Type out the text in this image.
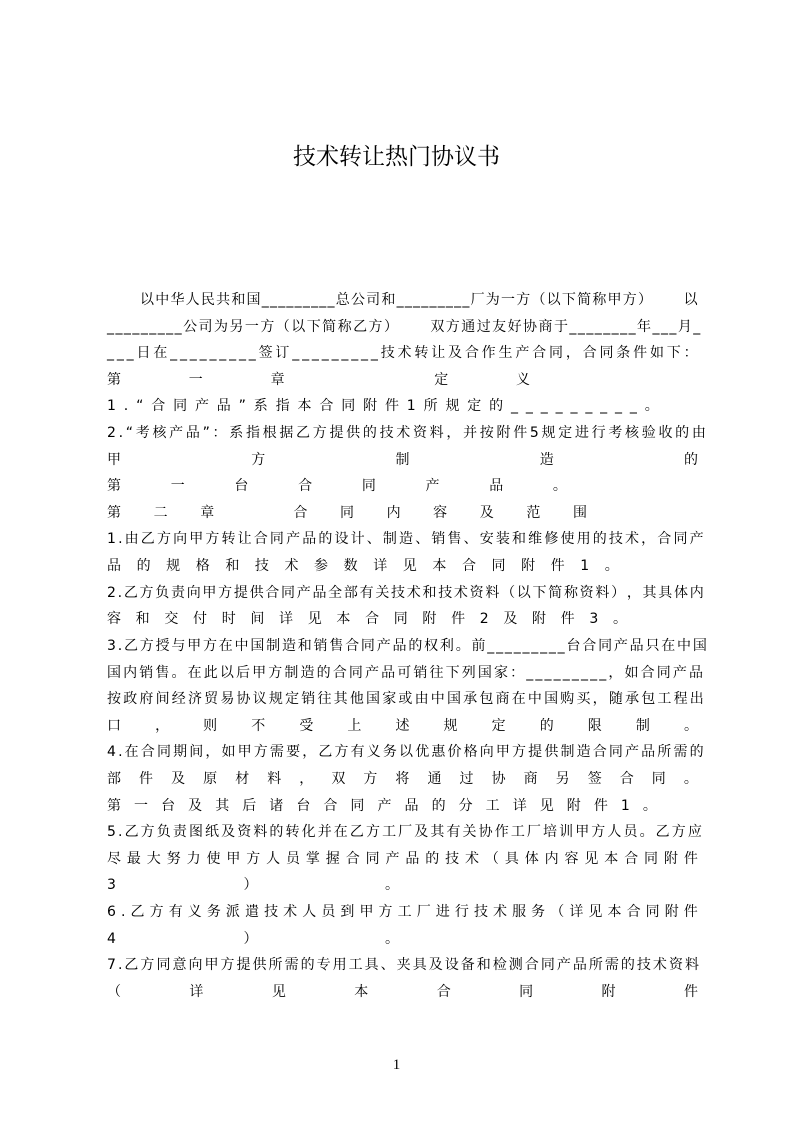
技术转让热门协议书
以 中 华 人 民 共 和 国 _ _ _ _ _ _ _ _ _ 总 公 司 和 _ _ _ _ _ _ _ _ _ 厂 为 一 方 （ 以 下 简 称 甲 方 ）

　 以
_ _ _ _ _ _ _ _ _ 公 司 为 另 一 方 （ 以 下 简 称 乙 方 ）

　 双 方 通 过 友 好 协 商 于 _ _ _ _ _ _ _ _ 年 _ _ _ 月 _
_ _ _ 日 在 _ _ _ _ _ _ _ _ _ 签 订 _ _ _ _ _ _ _ _ _ 技 术 转 让 及 合 作 生 产 合 同 ， 合 同 条 件 如 下 ：
第	一	章
　	定	义
1 . “ 合 同 产 品 ” 系 指 本 合 同 附 件 1 所 规 定 的 _ _ _ _ _ _ _ _ _ 。
2 . “ 考 核 产 品 ” ： 系 指 根 据 乙 方 提 供 的 技 术 资 料 ， 并 按 附 件 5 规 定 进 行 考 核 验 收 的 由
甲	方	制	造	的
第	一	台	合	同	产	品	。
第 二 章
　	合 同 内 容 及 范 围
1 . 由 乙 方 向 甲 方 转 让 合 同 产 品 的 设 计 、 制 造 、 销 售 、 安 装 和 维 修 使 用 的 技 术 ， 合 同 产
品 的 规 格 和 技 术 参 数 详 见 本 合 同 附 件 1 。
2 . 乙 方 负 责 向 甲 方 提 供 合 同 产 品 全 部 有 关 技 术 和 技 术 资 料 （ 以 下 简 称 资 料 ） ， 其 具 体 内
容 和 交 付 时 间 详 见 本 合 同 附 件 2 及 附 件 3 。
3 . 乙 方 授 与 甲 方 在 中 国 制 造 和 销 售 合 同 产 品 的 权 利 。 前 _ _ _ _ _ _ _ _ _ 台 合 同 产 品 只 在 中 国
国 内 销 售 。 在 此 以 后 甲 方 制 造 的 合 同 产 品 可 销 往 下 列 国 家 ： _ _ _ _ _ _ _ _ _ ， 如 合 同 产 品
按 政 府 间 经 济 贸 易 协 议 规 定 销 往 其 他 国 家 或 由 中 国 承 包 商 在 中 国 购 买 ， 随 承 包 工 程 出
口 ， 则 不 受 上 述 规 定 的 限 制 。
4 . 在 合 同 期 间 ， 如 甲 方 需 要 ， 乙 方 有 义 务 以 优 惠 价 格 向 甲 方 提 供 制 造 合 同 产 品 所 需 的
部 件 及 原 材 料 ， 双 方 将 通 过 协 商 另 签 合 同 。
第 一 台 及 其 后 诸 台 合 同 产 品 的 分 工 详 见 附 件 1 。
5 . 乙 方 负 责 图 纸 及 资 料 的 转 化 并 在 乙 方 工 厂 及 其 有 关 协 作 工 厂 培 训 甲 方 人 员 。 乙 方 应
尽 最 大 努 力 使 甲 方 人 员 掌 握 合 同 产 品 的 技 术 （ 具 体 内 容 见 本 合 同 附 件
3	）	。
6 . 乙 方 有 义 务 派 遣 技 术 人 员 到 甲 方 工 厂 进 行 技 术 服 务 （ 详 见 本 合 同 附 件
4	）	。
7 . 乙 方 同 意 向 甲 方 提 供 所 需 的 专 用 工 具 、 夹 具 及 设 备 和 检 测 合 同 产 品 所 需 的 技 术 资 料
（	详	见	本	合	同	附	件
1
